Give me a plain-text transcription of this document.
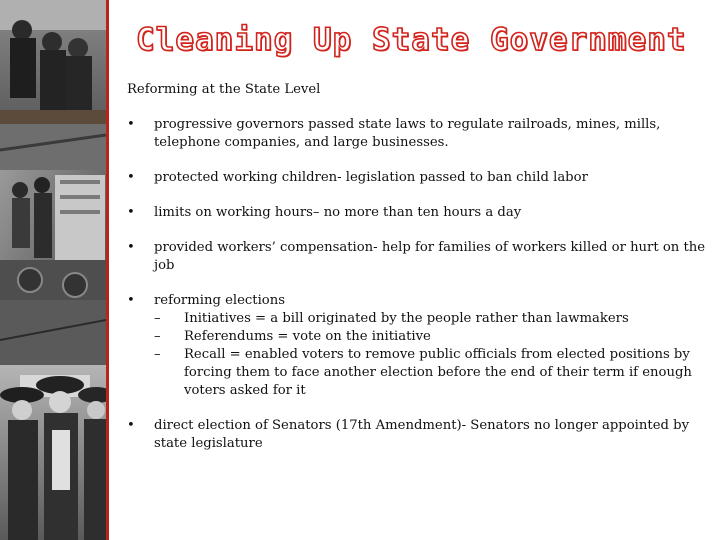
Cleaning Up State Government
Reforming at the State Level
•	progressive governors passed state laws to regulate railroads, mines, mills, telephone companies, and large businesses.
•	protected working children- legislation passed to ban child labor
•	limits on working hours– no more than ten hours a day
•	provided workers’ compensation- help for families of workers killed or hurt on the job
•	reforming elections
–	Initiatives = a bill originated by the people rather than lawmakers
–	Referendums = vote on the initiative
–	Recall = enabled voters to remove public officials from elected positions by forcing them to face another election before the end of their term if enough voters asked for it
•	direct election of Senators (17th Amendment)- Senators no longer appointed by state legislature
